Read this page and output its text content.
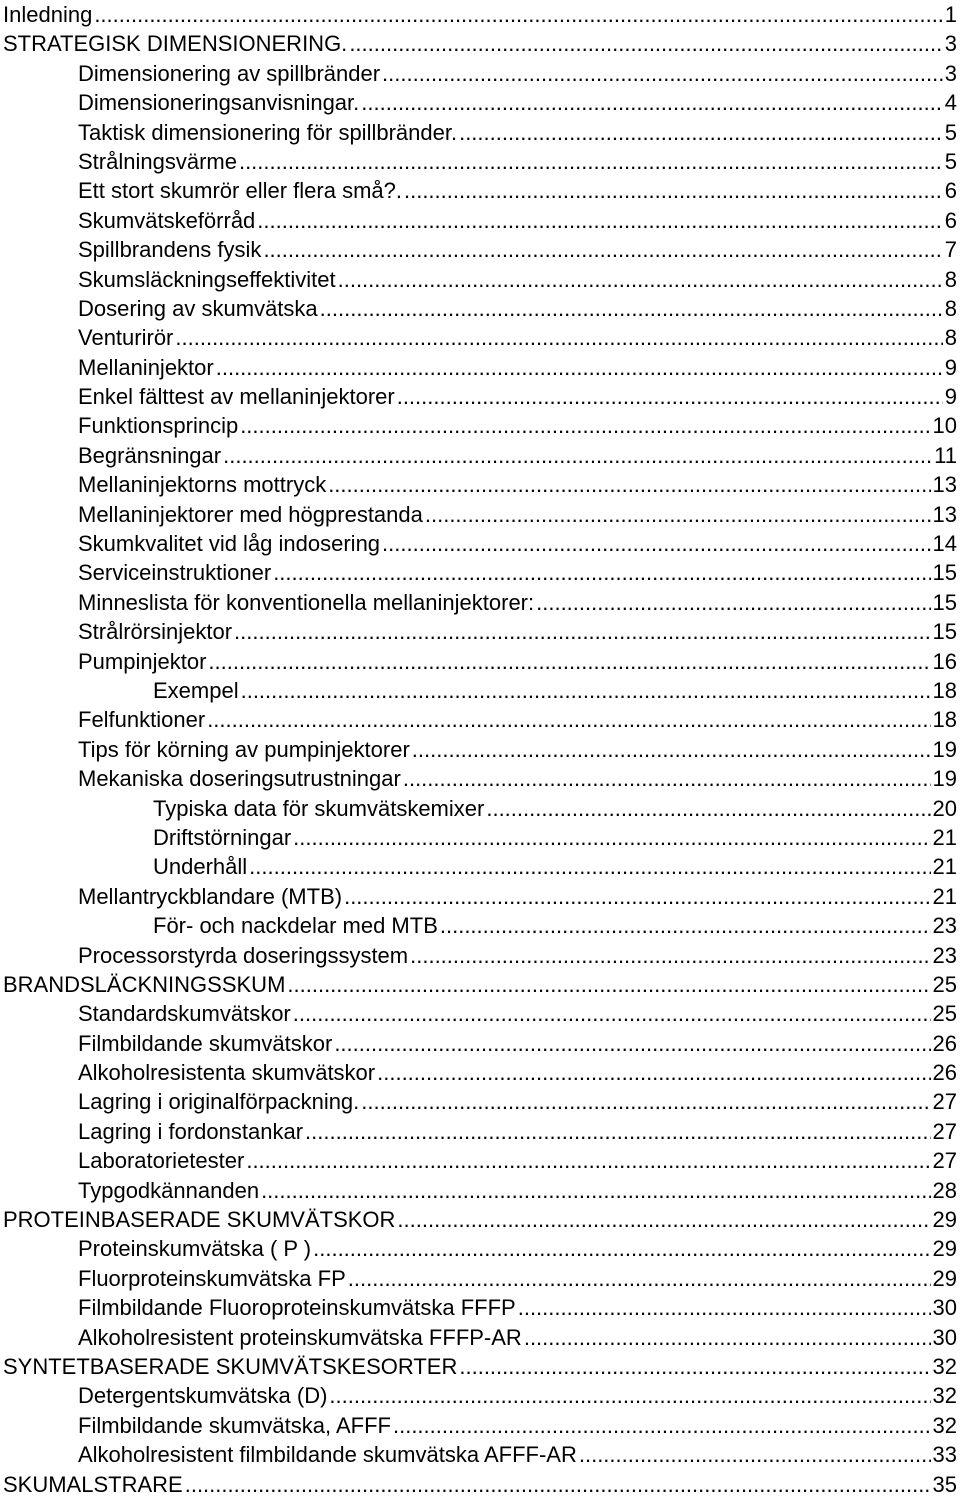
Inledning .....	1
STRATEGISK DIMENSIONERING. .....	3
Dimensionering av spillbränder .....	3
Dimensioneringsanvisningar. .....	4
Taktisk dimensionering för spillbränder. .....	5
Strålningsvärme .....	5
Ett stort skumrör eller flera små?. .....	6
Skumvätskeförråd .....	6
Spillbrandens fysik .....	7
Skumsläckningseffektivitet .....	8
Dosering av skumvätska .....	8
Venturirör .....	8
Mellaninjektor .....	9
Enkel fälttest av mellaninjektorer .....	9
Funktionsprincip .....	10
Begränsningar .....	11
Mellaninjektorns mottryck .....	13
Mellaninjektorer med högprestanda .....	13
Skumkvalitet vid låg indosering .....	14
Serviceinstruktioner .....	15
Minneslista för konventionella mellaninjektorer: .....	15
Strålrörsinjektor .....	15
Pumpinjektor .....	16
Exempel .....	18
Felfunktioner .....	18
Tips för körning av pumpinjektorer .....	19
Mekaniska doseringsutrustningar .....	19
Typiska data för skumvätskemixer .....	20
Driftstörningar .....	21
Underhåll .....	21
Mellantryckblandare (MTB) .....	21
För- och nackdelar med MTB .....	23
Processorstyrda doseringssystem .....	23
BRANDSLÄCKNINGSSKUM .....	25
Standardskumvätskor .....	25
Filmbildande skumvätskor .....	26
Alkoholresistenta skumvätskor .....	26
Lagring i originalförpackning. .....	27
Lagring i fordonstankar .....	27
Laboratorietester .....	27
Typgodkännanden .....	28
PROTEINBASERADE SKUMVÄTSKOR .....	29
Proteinskumvätska ( P ) .....	29
Fluorproteinskumvätska FP .....	29
Filmbildande Fluoroproteinskumvätska FFFP .....	30
Alkoholresistent proteinskumvätska FFFP-AR .....	30
SYNTETBASERADE SKUMVÄTSKESORTER .....	32
Detergentskumvätska (D) .....	32
Filmbildande skumvätska, AFFF .....	32
Alkoholresistent filmbildande skumvätska AFFF-AR .....	33
SKUMALSTRARE .....	35
